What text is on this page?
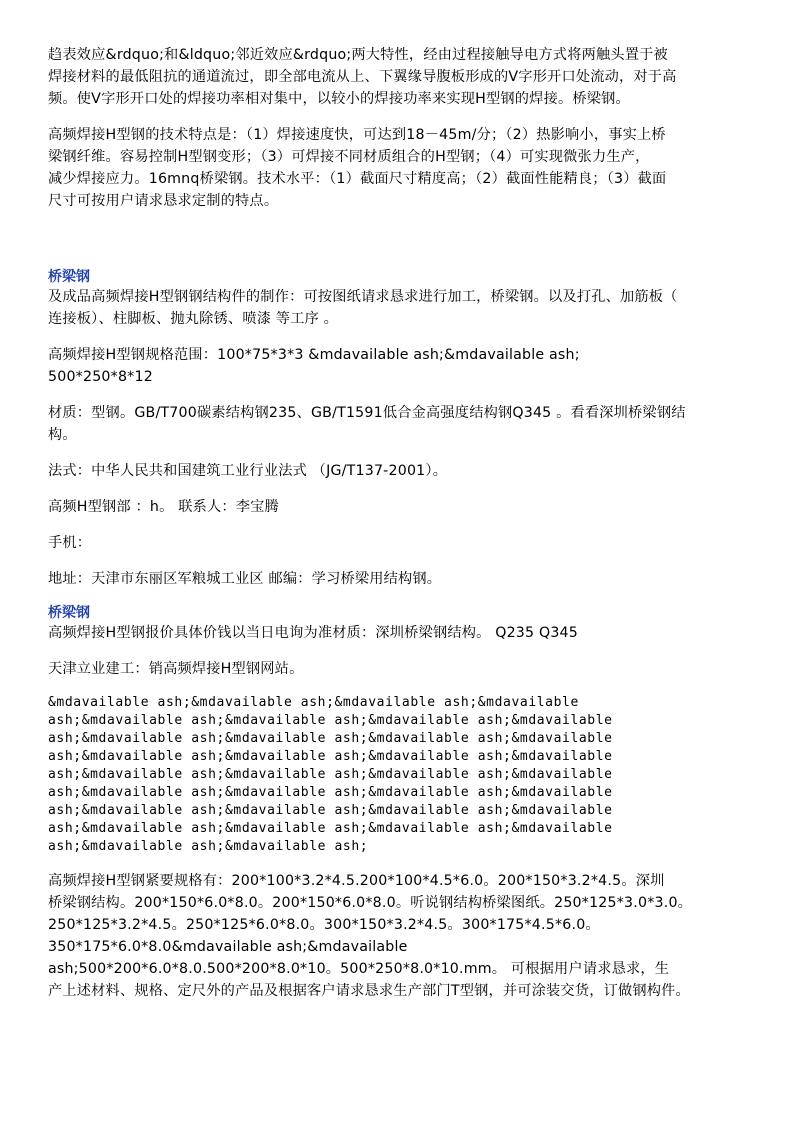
趋表效应&rdquo;和&ldquo;邻近效应&rdquo;两大特性，经由过程接触导电方式将两触头置于被

焊接材料的最低阻抗的通道流过，即全部电流从上、下翼缘导腹板形成的V字形开口处流动，对于高

频。使V字形开口处的焊接功率相对集中，以较小的焊接功率来实现H型钢的焊接。桥梁钢。

高频焊接H型钢的技术特点是：（1）焊接速度快，可达到18－45m/分；（2）热影响小，事实上桥

梁钢纤维。容易控制H型钢变形；（3）可焊接不同材质组合的H型钢；（4）可实现微张力生产，

减少焊接应力。16mnq桥梁钢。技术水平：（1）截面尺寸精度高；（2）截面性能精良；（3）截面

尺寸可按用户请求恳求定制的特点。

桥梁钢

及成品高频焊接H型钢钢结构件的制作：可按图纸请求恳求进行加工，桥梁钢。以及打孔、加筋板（

连接板）、柱脚板、抛丸除锈、喷漆 等工序 。

高频焊接H型钢规格范围：100*75*3*3 &mdavailable ash;&mdavailable ash;

500*250*8*12

材质：型钢。GB/T700碳素结构钢235、GB/T1591低合金高强度结构钢Q345 。看看深圳桥梁钢结

构。

法式：中华人民共和国建筑工业行业法式 （JG/T137-2001）。

高频H型钢部 ：h。 联系人：李宝腾

手机：

地址：天津市东丽区军粮城工业区 邮编：学习桥梁用结构钢。

桥梁钢

高频焊接H型钢报价具体价钱以当日电询为准材质：深圳桥梁钢结构。 Q235 Q345

天津立业建工：销高频焊接H型钢网站。

&mdavailable ash;&mdavailable ash;&mdavailable ash;&mdavailable

ash;&mdavailable ash;&mdavailable ash;&mdavailable ash;&mdavailable

ash;&mdavailable ash;&mdavailable ash;&mdavailable ash;&mdavailable

ash;&mdavailable ash;&mdavailable ash;&mdavailable ash;&mdavailable

ash;&mdavailable ash;&mdavailable ash;&mdavailable ash;&mdavailable

ash;&mdavailable ash;&mdavailable ash;&mdavailable ash;&mdavailable

ash;&mdavailable ash;&mdavailable ash;&mdavailable ash;&mdavailable

ash;&mdavailable ash;&mdavailable ash;&mdavailable ash;&mdavailable

ash;&mdavailable ash;&mdavailable ash;

高频焊接H型钢紧要规格有：200*100*3.2*4.5.200*100*4.5*6.0。200*150*3.2*4.5。深圳

桥梁钢结构。200*150*6.0*8.0。200*150*6.0*8.0。听说钢结构桥梁图纸。250*125*3.0*3.0。

250*125*3.2*4.5。250*125*6.0*8.0。300*150*3.2*4.5。300*175*4.5*6.0。

350*175*6.0*8.0&mdavailable ash;&mdavailable

ash;500*200*6.0*8.0.500*200*8.0*10。500*250*8.0*10.mm。 可根据用户请求恳求，生

产上述材料、规格、定尺外的产品及根据客户请求恳求生产部门T型钢，并可涂装交货，订做钢构件。
